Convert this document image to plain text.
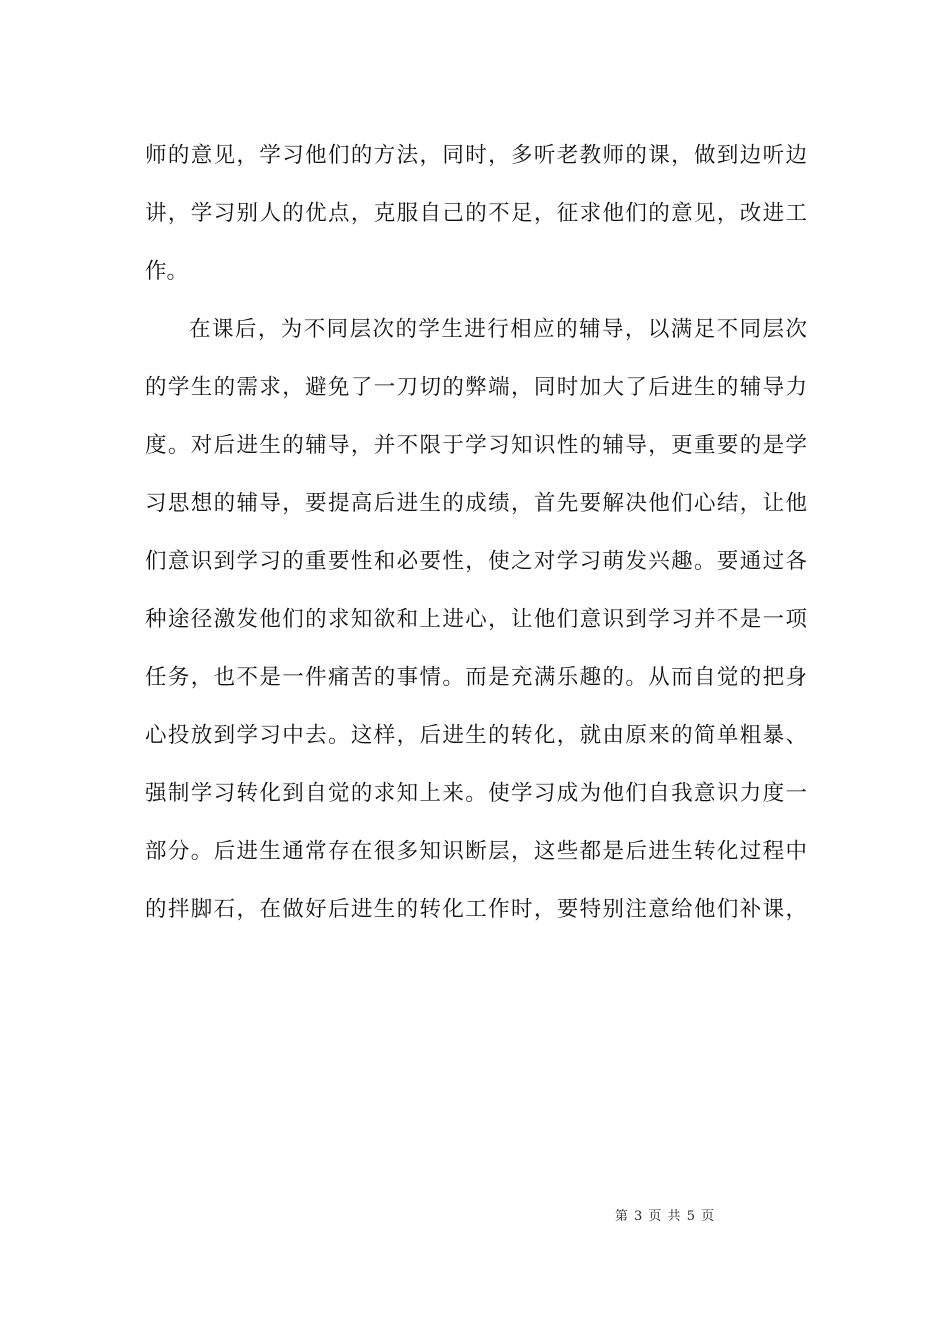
师的意见，学习他们的方法，同时，多听老教师的课，做到边听边
讲，学习别人的优点，克服自己的不足，征求他们的意见，改进工
作。
在课后，为不同层次的学生进行相应的辅导，以满足不同层次
的学生的需求，避免了一刀切的弊端，同时加大了后进生的辅导力
度。对后进生的辅导，并不限于学习知识性的辅导，更重要的是学
习思想的辅导，要提高后进生的成绩，首先要解决他们心结，让他
们意识到学习的重要性和必要性，使之对学习萌发兴趣。要通过各
种途径激发他们的求知欲和上进心，让他们意识到学习并不是一项
任务，也不是一件痛苦的事情。而是充满乐趣的。从而自觉的把身
心投放到学习中去。这样，后进生的转化，就由原来的简单粗暴、
强制学习转化到自觉的求知上来。使学习成为他们自我意识力度一
部分。后进生通常存在很多知识断层，这些都是后进生转化过程中
的拌脚石，在做好后进生的转化工作时，要特别注意给他们补课，
第 3 页 共 5 页
